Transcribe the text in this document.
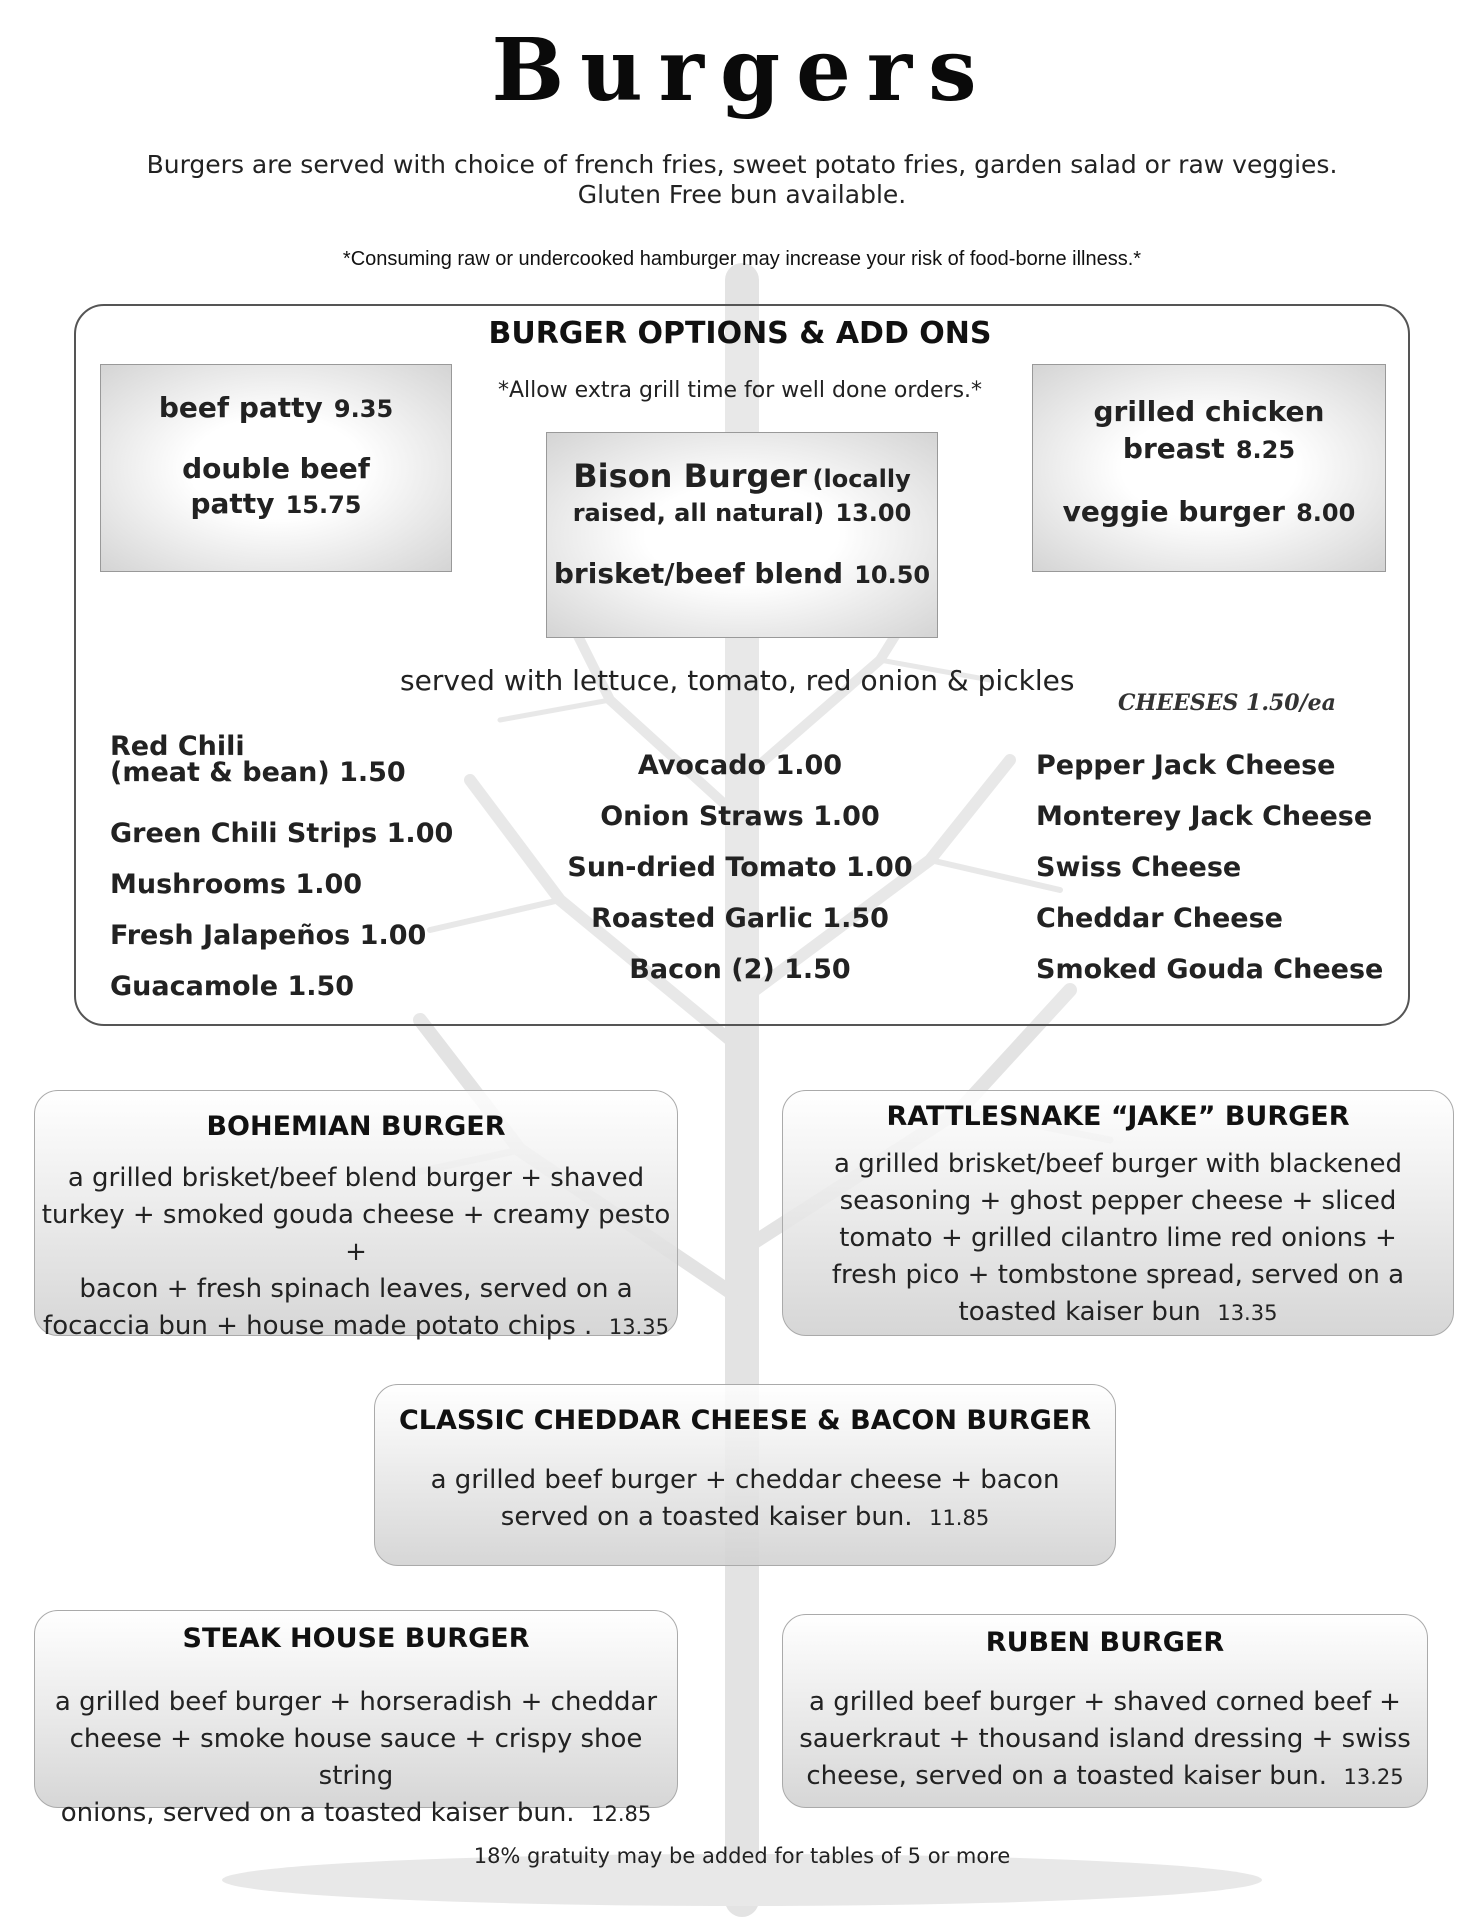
Burgers
Burgers are served with choice of french fries, sweet potato fries, garden salad or raw veggies.
Gluten Free bun available.
*Consuming raw or undercooked hamburger may increase your risk of food-borne illness.*
BURGER OPTIONS & ADD ONS
*Allow extra grill time for well done orders.*

beef patty 9.35

double beef

patty 15.75

Bison Burger (locally

raised, all natural) 13.00

brisket/beef blend 10.50

grilled chicken

breast 8.25

veggie burger 8.00

served with lettuce, tomato, red onion & pickles
CHEESES 1.50/ea
Red Chili
(meat & bean) 1.50
Green Chili Strips 1.00
Mushrooms 1.00
Fresh Jalapeños 1.00
Guacamole 1.50
Avocado 1.00
Onion Straws 1.00
Sun-dried Tomato 1.00
Roasted Garlic 1.50
Bacon (2) 1.50
Pepper Jack Cheese
Monterey Jack Cheese
Swiss Cheese
Cheddar Cheese
Smoked Gouda Cheese
BOHEMIAN BURGER
a grilled brisket/beef blend burger + shaved
turkey + smoked gouda cheese + creamy pesto +
bacon + fresh spinach leaves, served on a
focaccia bun + house made potato chips . 13.35
RATTLESNAKE “JAKE” BURGER
a grilled brisket/beef burger with blackened
seasoning + ghost pepper cheese + sliced
tomato + grilled cilantro lime red onions +
fresh pico + tombstone spread, served on a
toasted kaiser bun 13.35
CLASSIC CHEDDAR CHEESE & BACON BURGER
a grilled beef burger + cheddar cheese + bacon
served on a toasted kaiser bun. 11.85
STEAK HOUSE BURGER
a grilled beef burger + horseradish + cheddar
cheese + smoke house sauce + crispy shoe string
onions, served on a toasted kaiser bun. 12.85
RUBEN BURGER
a grilled beef burger + shaved corned beef +
sauerkraut + thousand island dressing + swiss
cheese, served on a toasted kaiser bun. 13.25
18% gratuity may be added for tables of 5 or more
